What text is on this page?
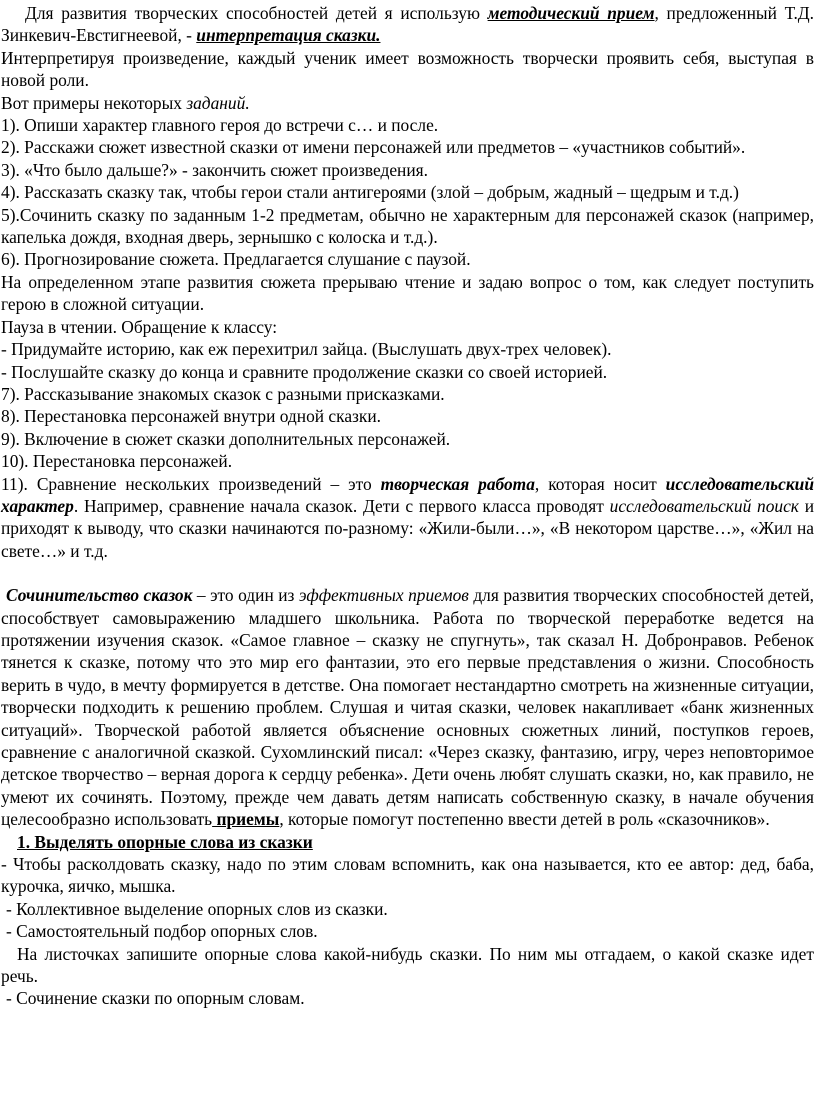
Для развития творческих способностей детей я использую методический прием, предложенный Т.Д. Зинкевич-Евстигнеевой, - интерпретация сказки.

Интерпретируя произведение, каждый ученик имеет возможность творчески проявить себя, выступая в новой роли.

Вот примеры некоторых заданий.

1). Опиши характер главного героя до встречи с… и после.

2). Расскажи сюжет известной сказки от имени персонажей или предметов – «участников событий».

3). «Что было дальше?» - закончить сюжет произведения.

4). Рассказать сказку так, чтобы герои стали антигероями (злой – добрым, жадный – щедрым и т.д.)

5).Сочинить сказку по заданным 1-2 предметам, обычно не характерным для персонажей сказок (например, капелька дождя, входная дверь, зернышко с колоска и т.д.).

6). Прогнозирование сюжета. Предлагается слушание с паузой.

На определенном этапе развития сюжета прерываю чтение и задаю вопрос о том, как следует поступить герою в сложной ситуации.

Пауза в чтении. Обращение к классу:

- Придумайте историю, как еж перехитрил зайца. (Выслушать двух-трех человек).

- Послушайте сказку до конца и сравните продолжение сказки со своей историей.

7). Рассказывание знакомых сказок с разными присказками.

8). Перестановка персонажей внутри одной сказки.

9). Включение в сюжет сказки дополнительных персонажей.

10). Перестановка персонажей.

11). Сравнение нескольких произведений – это творческая работа, которая носит исследовательский характер. Например, сравнение начала сказок. Дети с первого класса проводят исследовательский поиск и приходят к выводу, что сказки начинаются по-разному: «Жили-были…», «В некотором царстве…», «Жил на свете…» и т.д.

Сочинительство сказок – это один из эффективных приемов для развития творческих способностей детей, способствует самовыражению младшего школьника. Работа по творческой переработке ведется на протяжении изучения сказок. «Самое главное – сказку не спугнуть», так сказал Н. Добронравов. Ребенок тянется к сказке, потому что это мир его фантазии, это его первые представления о жизни. Способность верить в чудо, в мечту формируется в детстве. Она помогает нестандартно смотреть на жизненные ситуации, творчески подходить к решению проблем. Слушая и читая сказки, человек накапливает «банк жизненных ситуаций». Творческой работой является объяснение основных сюжетных линий, поступков героев, сравнение с аналогичной сказкой. Сухомлинский писал: «Через сказку, фантазию, игру, через неповторимое детское творчество – верная дорога к сердцу ребенка». Дети очень любят слушать сказки, но, как правило, не умеют их сочинять. Поэтому, прежде чем давать детям написать собственную сказку, в начале обучения целесообразно использовать приемы, которые помогут постепенно ввести детей в роль «сказочников».

1. Выделять опорные слова из сказки

- Чтобы расколдовать сказку, надо по этим словам вспомнить, как она называется, кто ее автор: дед, баба, курочка, яичко, мышка.

- Коллективное выделение опорных слов из сказки.

- Самостоятельный подбор опорных слов.

На листочках запишите опорные слова какой-нибудь сказки. По ним мы отгадаем, о какой сказке идет речь.

- Сочинение сказки по опорным словам.
